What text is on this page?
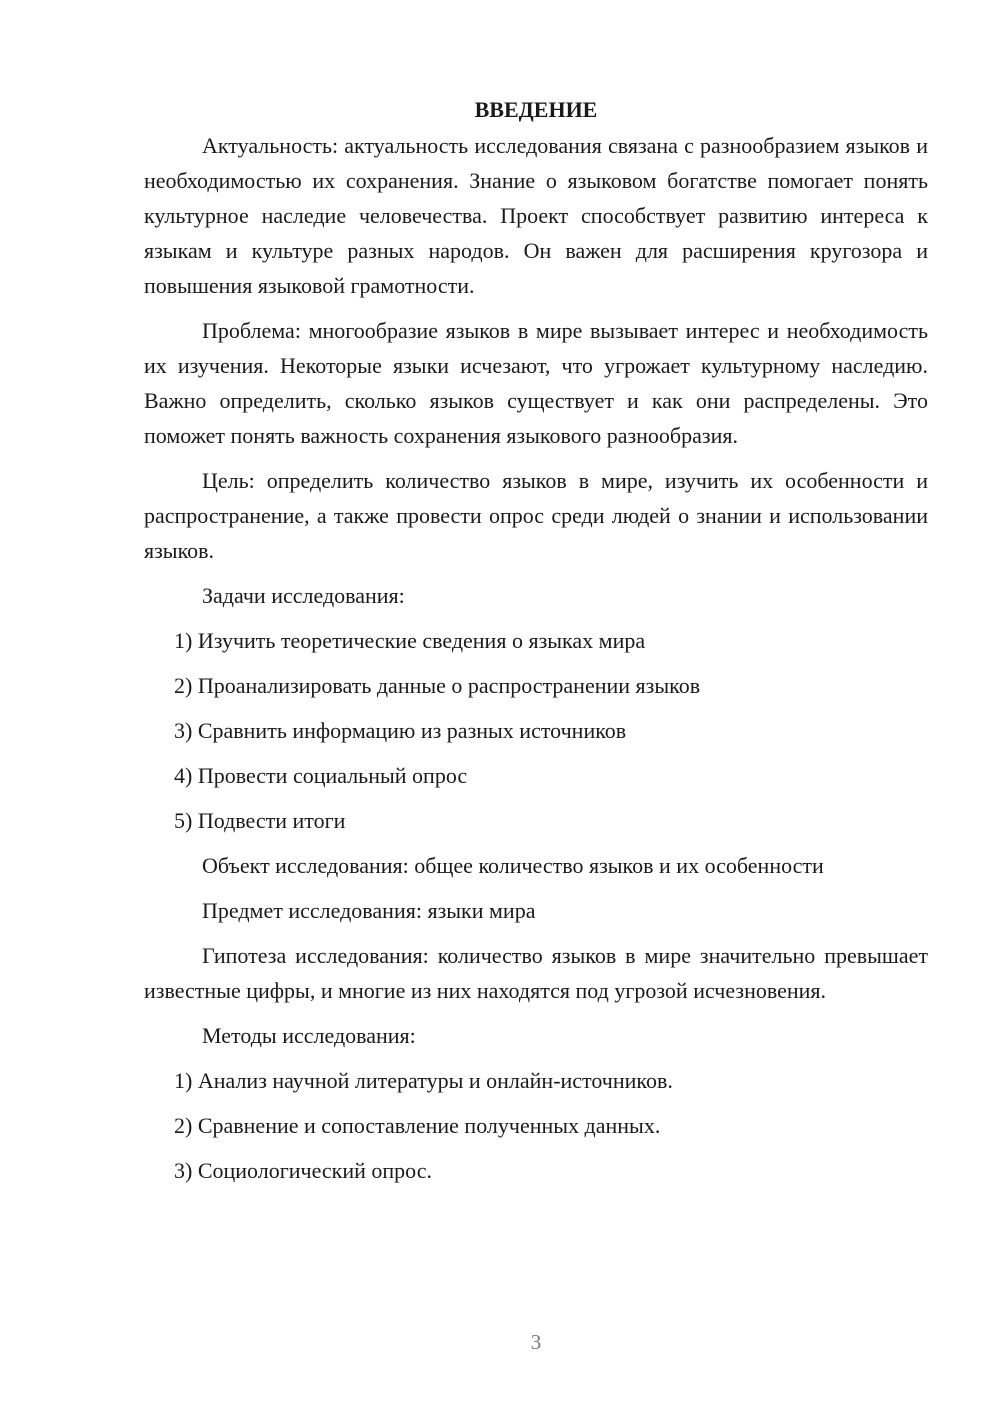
ВВЕДЕНИЕ

Актуальность: актуальность исследования связана с разнообразием языков и необходимостью их сохранения. Знание о языковом богатстве помогает понять культурное наследие человечества. Проект способствует развитию интереса к языкам и культуре разных народов. Он важен для расширения кругозора и повышения языковой грамотности.

Проблема: многообразие языков в мире вызывает интерес и необходимость их изучения. Некоторые языки исчезают, что угрожает культурному наследию. Важно определить, сколько языков существует и как они распределены. Это поможет понять важность сохранения языкового разнообразия.

Цель: определить количество языков в мире, изучить их особенности и распространение, а также провести опрос среди людей о знании и использовании языков.

Задачи исследования:

1) Изучить теоретические сведения о языках мира

2) Проанализировать данные о распространении языков

3) Сравнить информацию из разных источников

4) Провести социальный опрос

5) Подвести итоги

Объект исследования: общее количество языков и их особенности

Предмет исследования: языки мира

Гипотеза исследования: количество языков в мире значительно превышает известные цифры, и многие из них находятся под угрозой исчезновения.

Методы исследования:

1) Анализ научной литературы и онлайн-источников.

2) Сравнение и сопоставление полученных данных.

3) Социологический опрос.

3
